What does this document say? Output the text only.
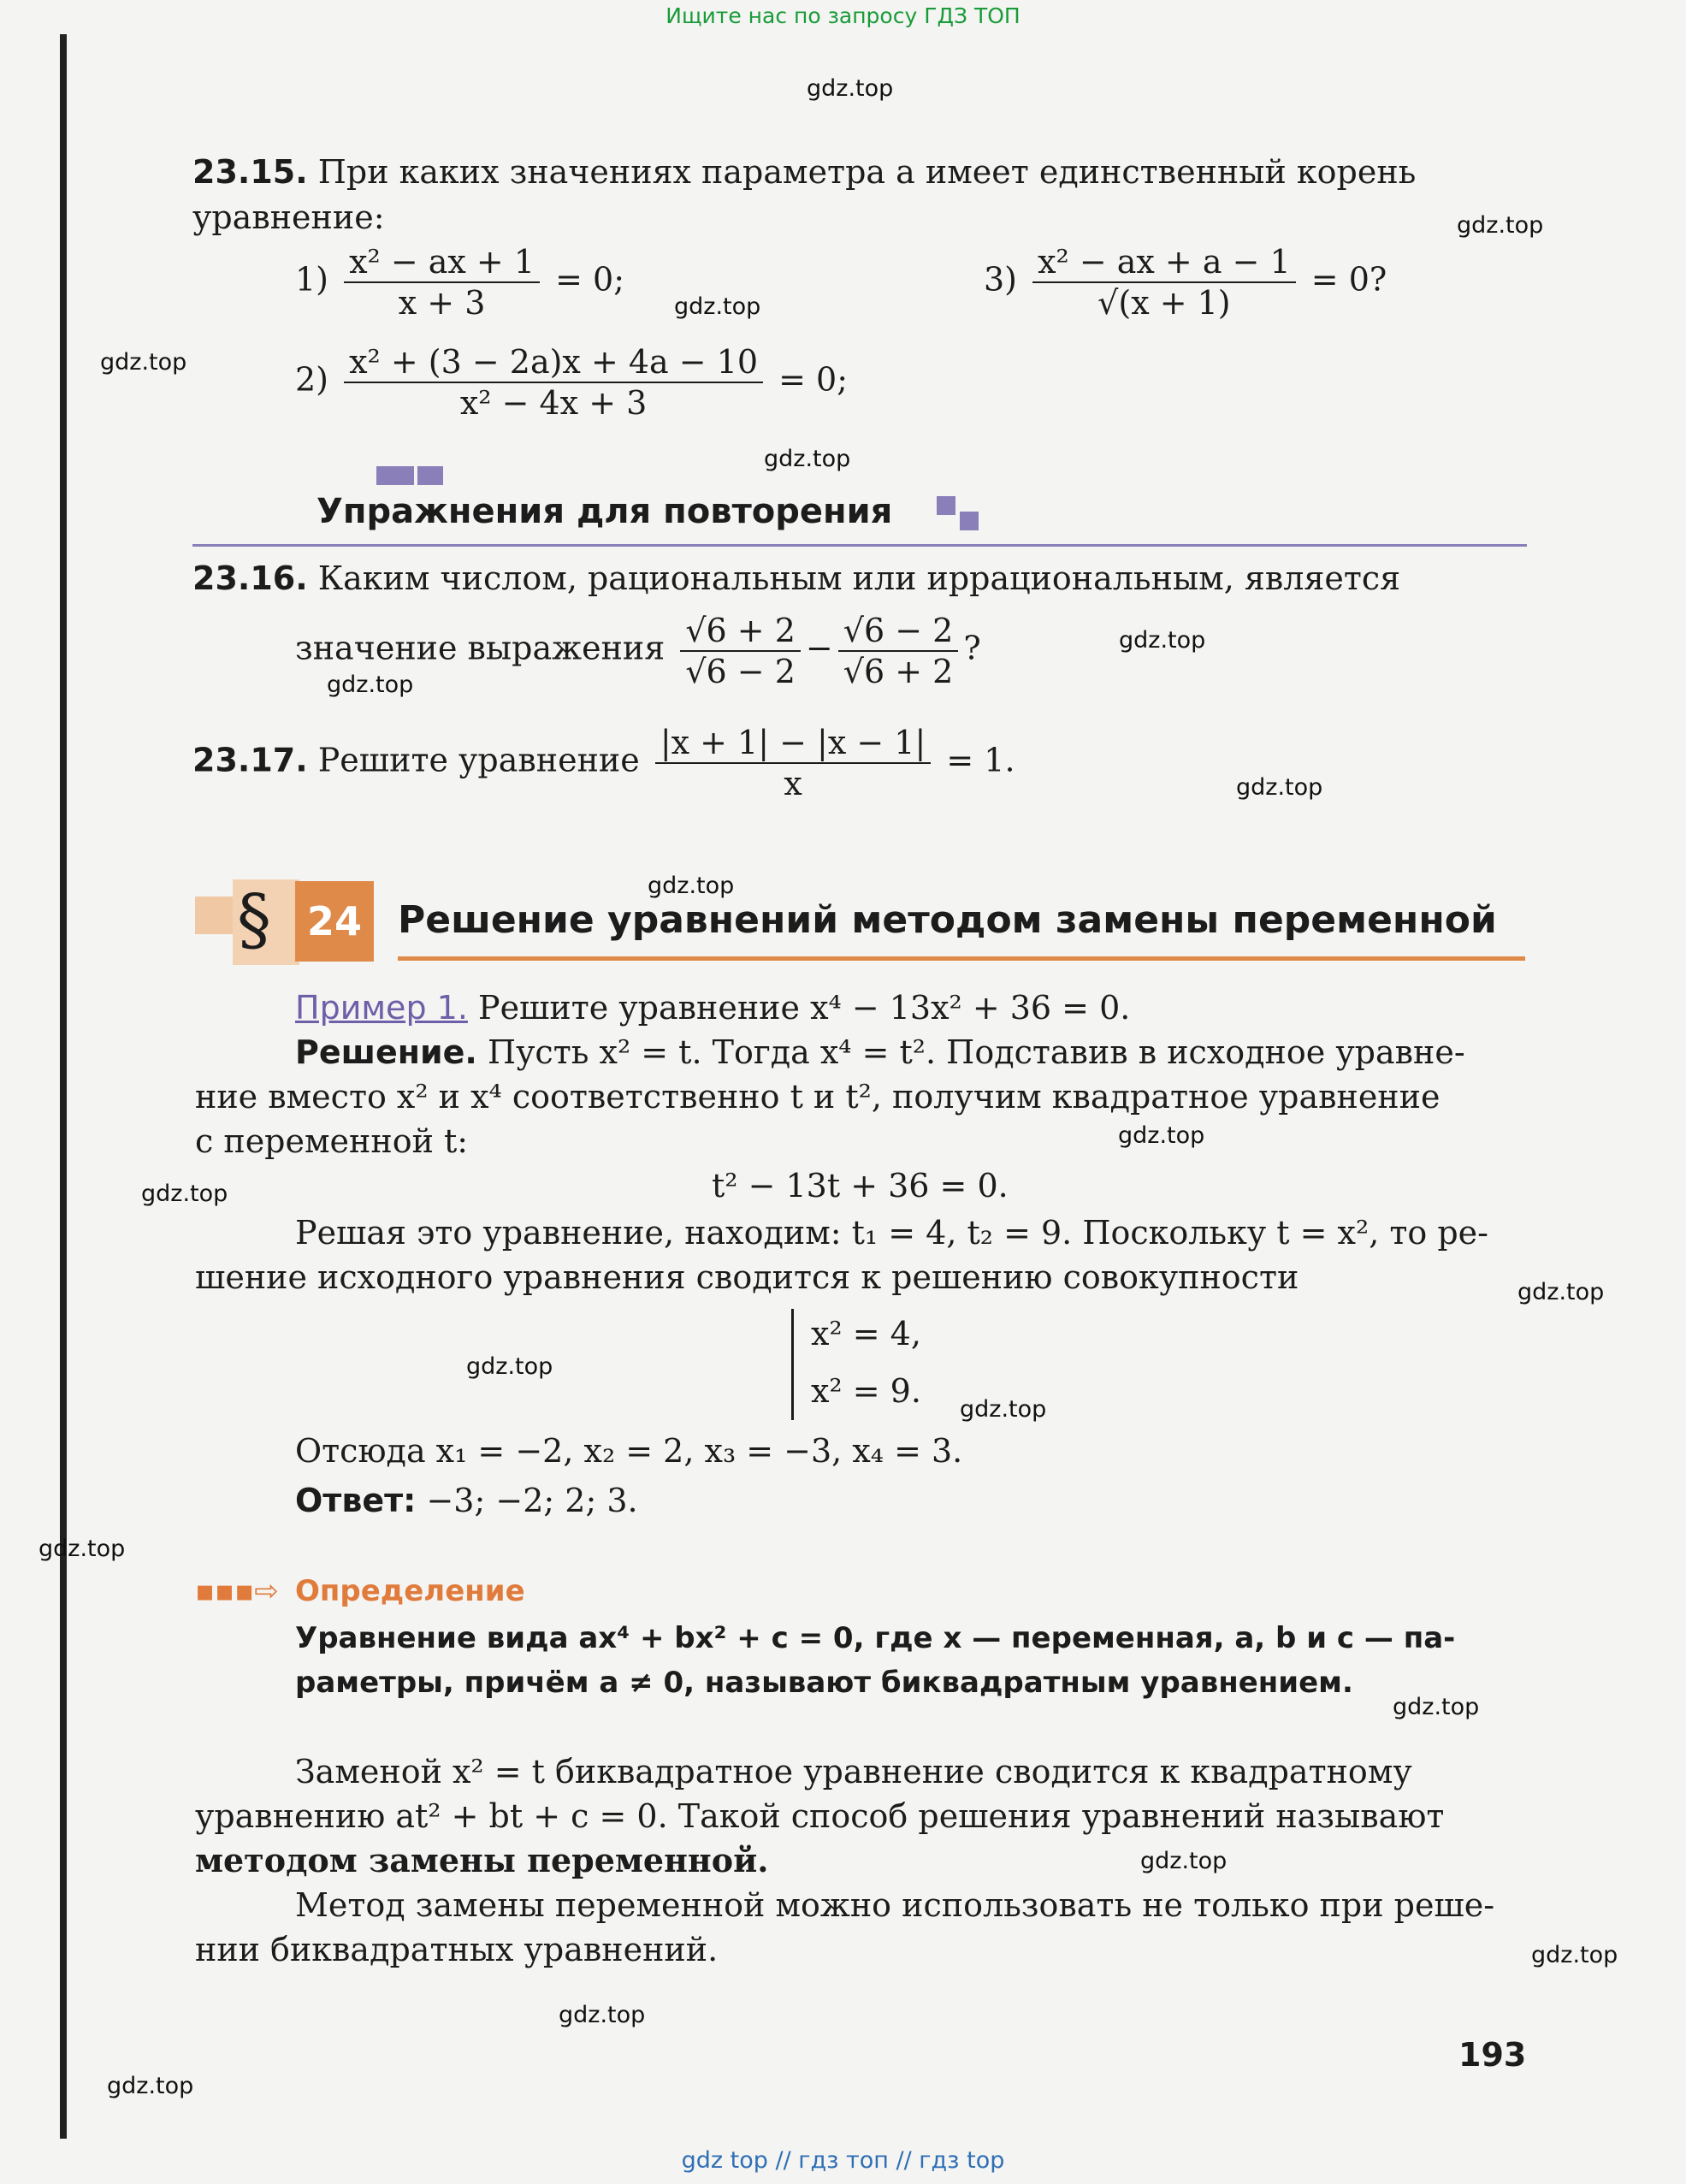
Ищите нас по запросу ГДЗ ТОП
gdz.top
gdz.top
gdz.top
gdz.top
gdz.top
gdz.top
gdz.top
gdz.top
gdz.top
gdz.top
gdz.top
gdz.top
gdz.top
gdz.top
gdz.top
gdz.top
gdz.top
gdz.top
gdz.top
gdz.top
23.15. При каких значениях параметра a имеет единственный корень
уравнение:
$1) \frac{\text{x² − ax + 1}}{x + 3} = 0$;	$3) \frac{\text{x² − ax + a − 1}}{√(x + 1)} = 0$?
$2) \frac{\text{x² + (3 − 2a)x + 4a − 10}}{\text{x² − 4x + 3}} = 0$;
Упражнения для повторения
23.16. Каким числом, рациональным или иррациональным, является
значение выражения $\frac{√6 + 2}{√6 - 2} - \frac{√6 - 2}{√6 + 2}$ ?
23.17. Решите уравнение $\frac{|x + 1| - |x - 1|}{x} = 1$.
§ 24 Решение уравнений методом замены переменной
Пример 1. Решите уравнение x⁴ − 13x² + 36 = 0.
Решение. Пусть x² = t. Тогда x⁴ = t². Подставив в исходное уравне-
ние вместо x² и x⁴ соответственно t и t², получим квадратное уравнение
с переменной t:
t² − 13t + 36 = 0.
Решая это уравнение, находим: t₁ = 4, t₂ = 9. Поскольку t = x², то ре-
шение исходного уравнения сводится к решению совокупности
x² = 4,
x² = 9.
Отсюда x₁ = −2, x₂ = 2, x₃ = −3, x₄ = 3.
Ответ: −3; −2; 2; 3.
▪▪▪⇨ Определение
Уравнение вида ax⁴ + bx² + c = 0, где x — переменная, a, b и c — па-
раметры, причём a ≠ 0, называют биквадратным уравнением.
Заменой x² = t биквадратное уравнение сводится к квадратному
уравнению at² + bt + c = 0. Такой способ решения уравнений называют
методом замены переменной.
Метод замены переменной можно использовать не только при реше-
нии биквадратных уравнений.
193
gdz top // гдз топ // гдз top
